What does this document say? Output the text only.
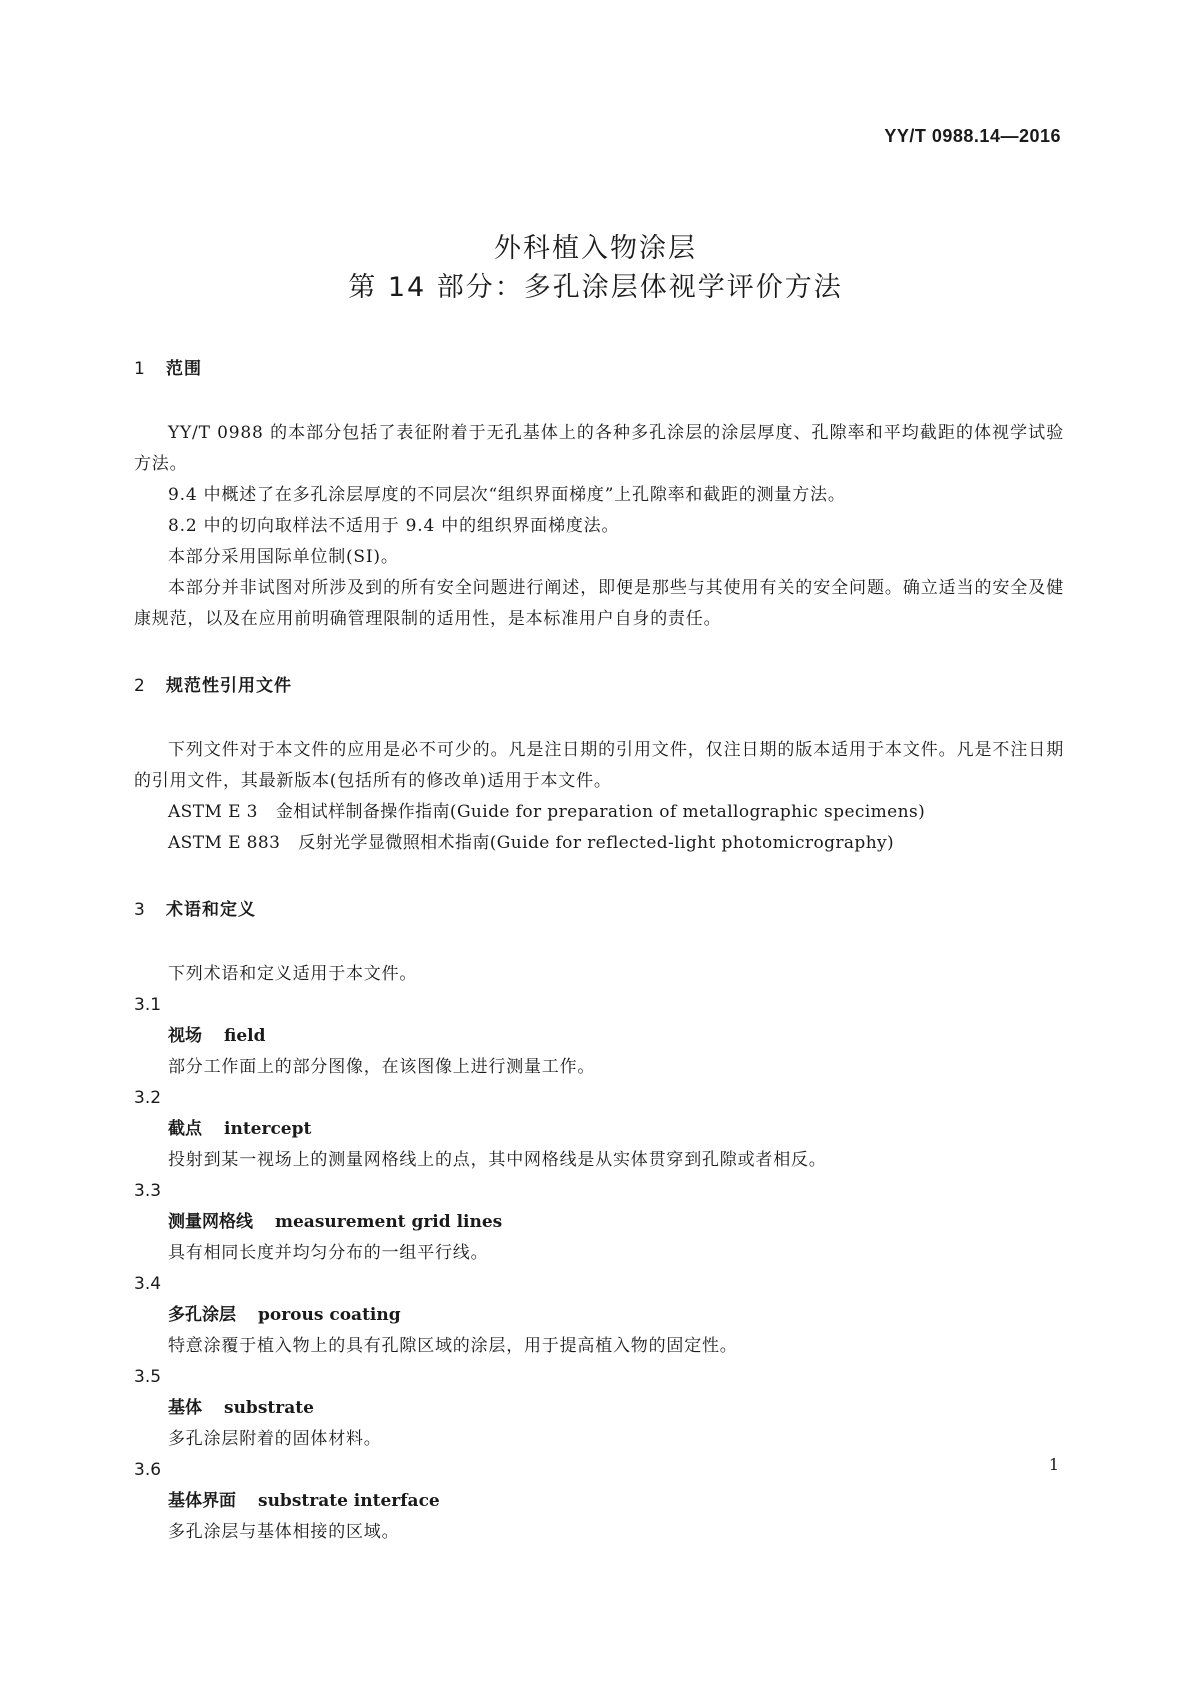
YY/T 0988.14—2016
外科植入物涂层
第 14 部分：多孔涂层体视学评价方法
1 范围
YY/T 0988 的本部分包括了表征附着于无孔基体上的各种多孔涂层的涂层厚度、孔隙率和平均截距的体视学试验方法。
9.4 中概述了在多孔涂层厚度的不同层次“组织界面梯度”上孔隙率和截距的测量方法。
8.2 中的切向取样法不适用于 9.4 中的组织界面梯度法。
本部分采用国际单位制(SI)。
本部分并非试图对所涉及到的所有安全问题进行阐述，即便是那些与其使用有关的安全问题。确立适当的安全及健康规范，以及在应用前明确管理限制的适用性，是本标准用户自身的责任。
2 规范性引用文件
下列文件对于本文件的应用是必不可少的。凡是注日期的引用文件，仅注日期的版本适用于本文件。凡是不注日期的引用文件，其最新版本(包括所有的修改单)适用于本文件。
ASTM E 3 金相试样制备操作指南(Guide for preparation of metallographic specimens)
ASTM E 883 反射光学显微照相术指南(Guide for reflected-light photomicrography)
3 术语和定义
下列术语和定义适用于本文件。
3.1
视场 field
部分工作面上的部分图像，在该图像上进行测量工作。
3.2
截点 intercept
投射到某一视场上的测量网格线上的点，其中网格线是从实体贯穿到孔隙或者相反。
3.3
测量网格线 measurement grid lines
具有相同长度并均匀分布的一组平行线。
3.4
多孔涂层 porous coating
特意涂覆于植入物上的具有孔隙区域的涂层，用于提高植入物的固定性。
3.5
基体 substrate
多孔涂层附着的固体材料。
3.6
基体界面 substrate interface
多孔涂层与基体相接的区域。
1
